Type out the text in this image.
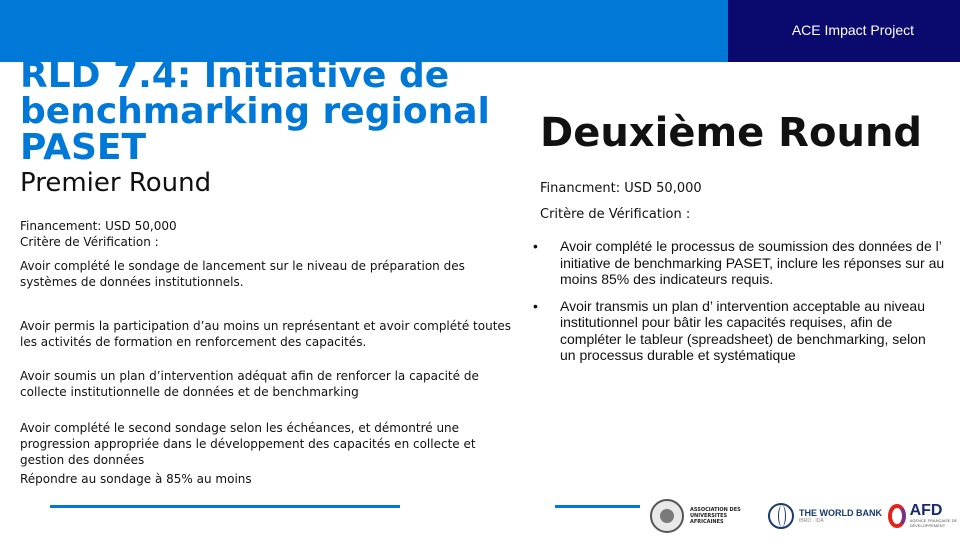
ACE Impact Project
RLD 7.4: Initiative de
benchmarking regional
PASET
Premier Round
Financement: USD 50,000
Critère de Vérification :
Avoir complété le sondage de lancement sur le niveau de préparation des systèmes de données institutionnels.
Avoir permis la participation d’au moins un représentant et avoir complété toutes les activités de formation en renforcement des capacités.
Avoir soumis un plan d’intervention adéquat afin de renforcer la capacité de collecte institutionnelle de données et de benchmarking
Avoir complété le second sondage selon les échéances, et démontré une progression appropriée dans le développement des capacités en collecte et gestion des données
Répondre au sondage à 85% au moins
Deuxième Round
Financment: USD 50,000
Critère de Vérification :
• Avoir complété le processus de soumission des données de l’ initiative de benchmarking PASET, inclure les réponses sur au moins 85% des indicateurs requis.
• Avoir transmis un plan d’ intervention acceptable au niveau institutionnel pour bâtir les capacités requises, afin de compléter le tableur (spreadsheet) de benchmarking, selon un processus durable et systématique
ASSOCIATION DES UNIVERSITES AFRICAINES
THE WORLD BANK
IBRD · IDA
AFD
AGENCE FRANÇAISE DE DÉVELOPPEMENT
